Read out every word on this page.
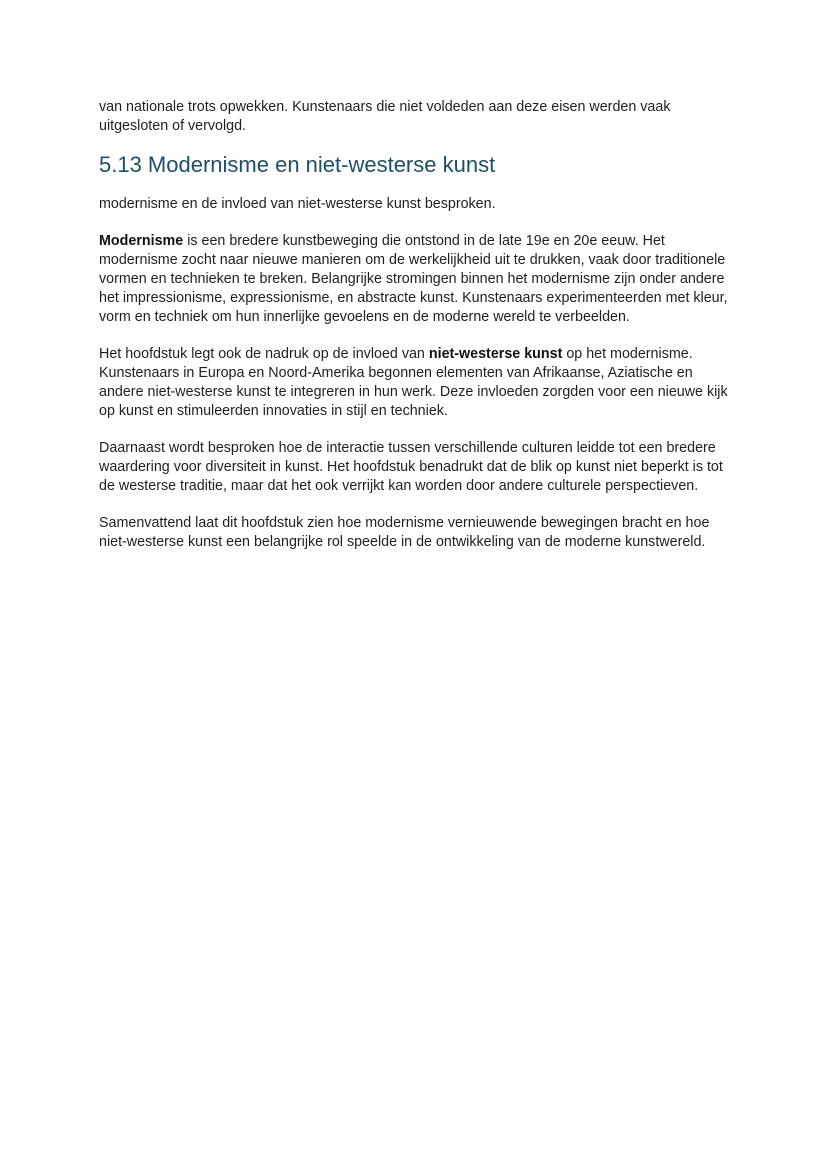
van nationale trots opwekken. Kunstenaars die niet voldeden aan deze eisen werden vaak uitgesloten of vervolgd.

5.13 Modernisme en niet-westerse kunst

modernisme en de invloed van niet-westerse kunst besproken.

Modernisme is een bredere kunstbeweging die ontstond in de late 19e en 20e eeuw. Het modernisme zocht naar nieuwe manieren om de werkelijkheid uit te drukken, vaak door traditionele vormen en technieken te breken. Belangrijke stromingen binnen het modernisme zijn onder andere het impressionisme, expressionisme, en abstracte kunst. Kunstenaars experimenteerden met kleur, vorm en techniek om hun innerlijke gevoelens en de moderne wereld te verbeelden.

Het hoofdstuk legt ook de nadruk op de invloed van niet-westerse kunst op het modernisme. Kunstenaars in Europa en Noord-Amerika begonnen elementen van Afrikaanse, Aziatische en andere niet-westerse kunst te integreren in hun werk. Deze invloeden zorgden voor een nieuwe kijk op kunst en stimuleerden innovaties in stijl en techniek.

Daarnaast wordt besproken hoe de interactie tussen verschillende culturen leidde tot een bredere waardering voor diversiteit in kunst. Het hoofdstuk benadrukt dat de blik op kunst niet beperkt is tot de westerse traditie, maar dat het ook verrijkt kan worden door andere culturele perspectieven.

Samenvattend laat dit hoofdstuk zien hoe modernisme vernieuwende bewegingen bracht en hoe niet-westerse kunst een belangrijke rol speelde in de ontwikkeling van de moderne kunstwereld.
